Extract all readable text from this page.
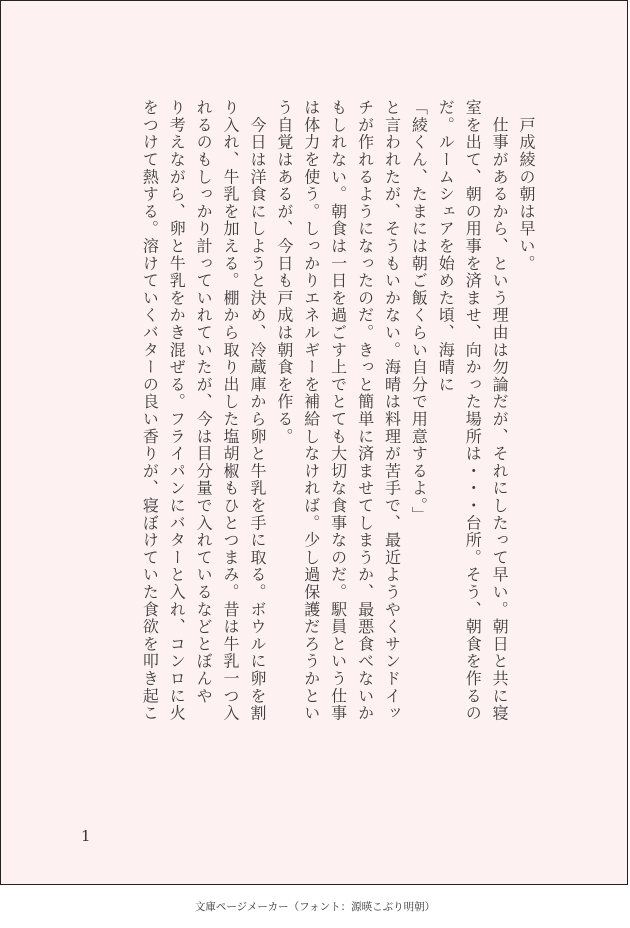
　戸成綾の朝は早い。
　仕事があるから、という理由は勿論だが、それにしたって早い。朝日と共に寝
室を出て、朝の用事を済ませ、向かった場所は・・・台所。そう、朝食を作るの
だ。ルームシェアを始めた頃、海晴に
「綾くん、たまには朝ご飯くらい自分で用意するよ。」
と言われたが、そうもいかない。海晴は料理が苦手で、最近ようやくサンドイッ
チが作れるようになったのだ。きっと簡単に済ませてしまうか、最悪食べないか
もしれない。朝食は一日を過ごす上でとても大切な食事なのだ。駅員という仕事
は体力を使う。しっかりエネルギーを補給しなければ。少し過保護だろうかとい
う自覚はあるが、今日も戸成は朝食を作る。
　今日は洋食にしようと決め、冷蔵庫から卵と牛乳を手に取る。ボウルに卵を割
り入れ、牛乳を加える。棚から取り出した塩胡椒もひとつまみ。昔は牛乳一つ入
れるのもしっかり計っていれていたが、今は目分量で入れているなどとぼんや
り考えながら、卵と牛乳をかき混ぜる。フライパンにバターと入れ、コンロに火
をつけて熱する。溶けていくバターの良い香りが、寝ぼけていた食欲を叩き起こ
1
文庫ページメーカー（フォント：源暎こぶり明朝）
